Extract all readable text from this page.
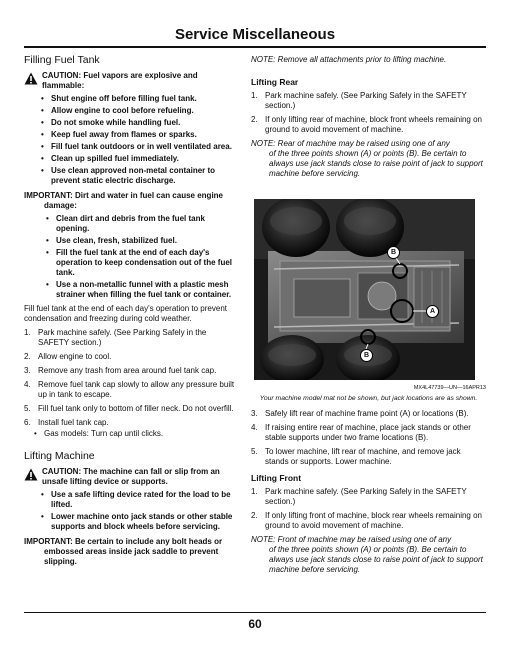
Service Miscellaneous
Filling Fuel Tank
CAUTION: Fuel vapors are explosive and flammable:
• Shut engine off before filling fuel tank.
• Allow engine to cool before refueling.
• Do not smoke while handling fuel.
• Keep fuel away from flames or sparks.
• Fill fuel tank outdoors or in well ventilated area.
• Clean up spilled fuel immediately.
• Use clean approved non-metal container to prevent static electric discharge.
IMPORTANT: Dirt and water in fuel can cause engine
damage:
• Clean dirt and debris from the fuel tank opening.
• Use clean, fresh, stabilized fuel.
• Fill the fuel tank at the end of each day's operation to keep condensation out of the fuel tank.
• Use a non-metallic funnel with a plastic mesh strainer when filling the fuel tank or container.

Fill fuel tank at the end of each day's operation to prevent condensation and freezing during cold weather.

1. Park machine safely. (See Parking Safely in the SAFETY section.)
2. Allow engine to cool.
3. Remove any trash from area around fuel tank cap.
4. Remove fuel tank cap slowly to allow any pressure built up in tank to escape.
5. Fill fuel tank only to bottom of filler neck. Do not overfill.
6. Install fuel tank cap.
• Gas models: Turn cap until clicks.
Lifting Machine
CAUTION: The machine can fall or slip from an unsafe lifting device or supports.
• Use a safe lifting device rated for the load to be lifted.
• Lower machine onto jack stands or other stable supports and block wheels before servicing.
IMPORTANT: Be certain to include any bolt heads or
embossed areas inside jack saddle to prevent slipping.

NOTE: Remove all attachments prior to lifting machine.

Lifting Rear
1. Park machine safely. (See Parking Safely in the SAFETY section.)
2. If only lifting rear of machine, block front wheels remaining on ground to avoid movement of machine.
NOTE: Rear of machine may be raised using one of any
of the three points shown (A) or points (B). Be certain to always use jack stands close to raise point of jack to support machine before servicing.
B
A
B
MX4L47739—UN—16APR13
Your machine model mat not be shown, but jack locations are as shown.
3. Safely lift rear of machine frame point (A) or locations (B).
4. If raising entire rear of machine, place jack stands or other stable supports under two frame locations (B).
5. To lower machine, lift rear of machine, and remove jack stands or supports. Lower machine.
Lifting Front
1. Park machine safely. (See Parking Safely in the SAFETY section.)
2. If only lifting front of machine, block rear wheels remaining on ground to avoid movement of machine.
NOTE: Front of machine may be raised using one of any
of the three points shown (A) or points (B). Be certain to always use jack stands close to raise point of jack to support machine before servicing.
60
